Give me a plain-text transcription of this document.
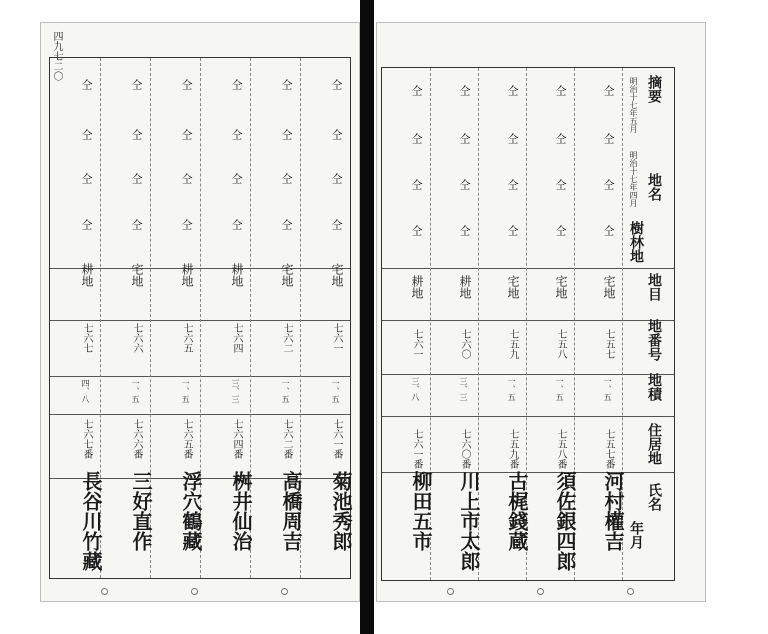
四九七二〇
仝
仝
仝
仝
宅地
七六一
一、五
七六一番
菊池秀郎
仝
仝
仝
仝
宅地
七六二
一、五
七六二番
高橋周吉
仝
仝
仝
仝
耕地
七六四
三、三
七六四番
桝井仙治
仝
仝
仝
仝
耕地
七六五
一、五
七六五番
浮穴鶴藏
仝
仝
仝
仝
宅地
七六六
一、五
七六六番
三好直作
仝
仝
仝
仝
耕地
七六七
四、八
七六七番
長谷川竹藏
仝
仝
仝
仝
宅地
七五七
一、五
七五七番
河村權吉
仝
仝
仝
仝
宅地
七五八
一、五
七五八番
須佐銀四郎
仝
仝
仝
仝
宅地
七五九
一、五
七五九番
古梶錢蔵
仝
仝
仝
仝
耕地
七六〇
三、三
七六〇番
川上市太郎
仝
仝
仝
仝
耕地
七六一
三、八
七六一番
柳田五市
摘要
明治十七年五月
明治十七年四月 地名
樹林地
地目
地番号
地積
住居地
氏名
年月
